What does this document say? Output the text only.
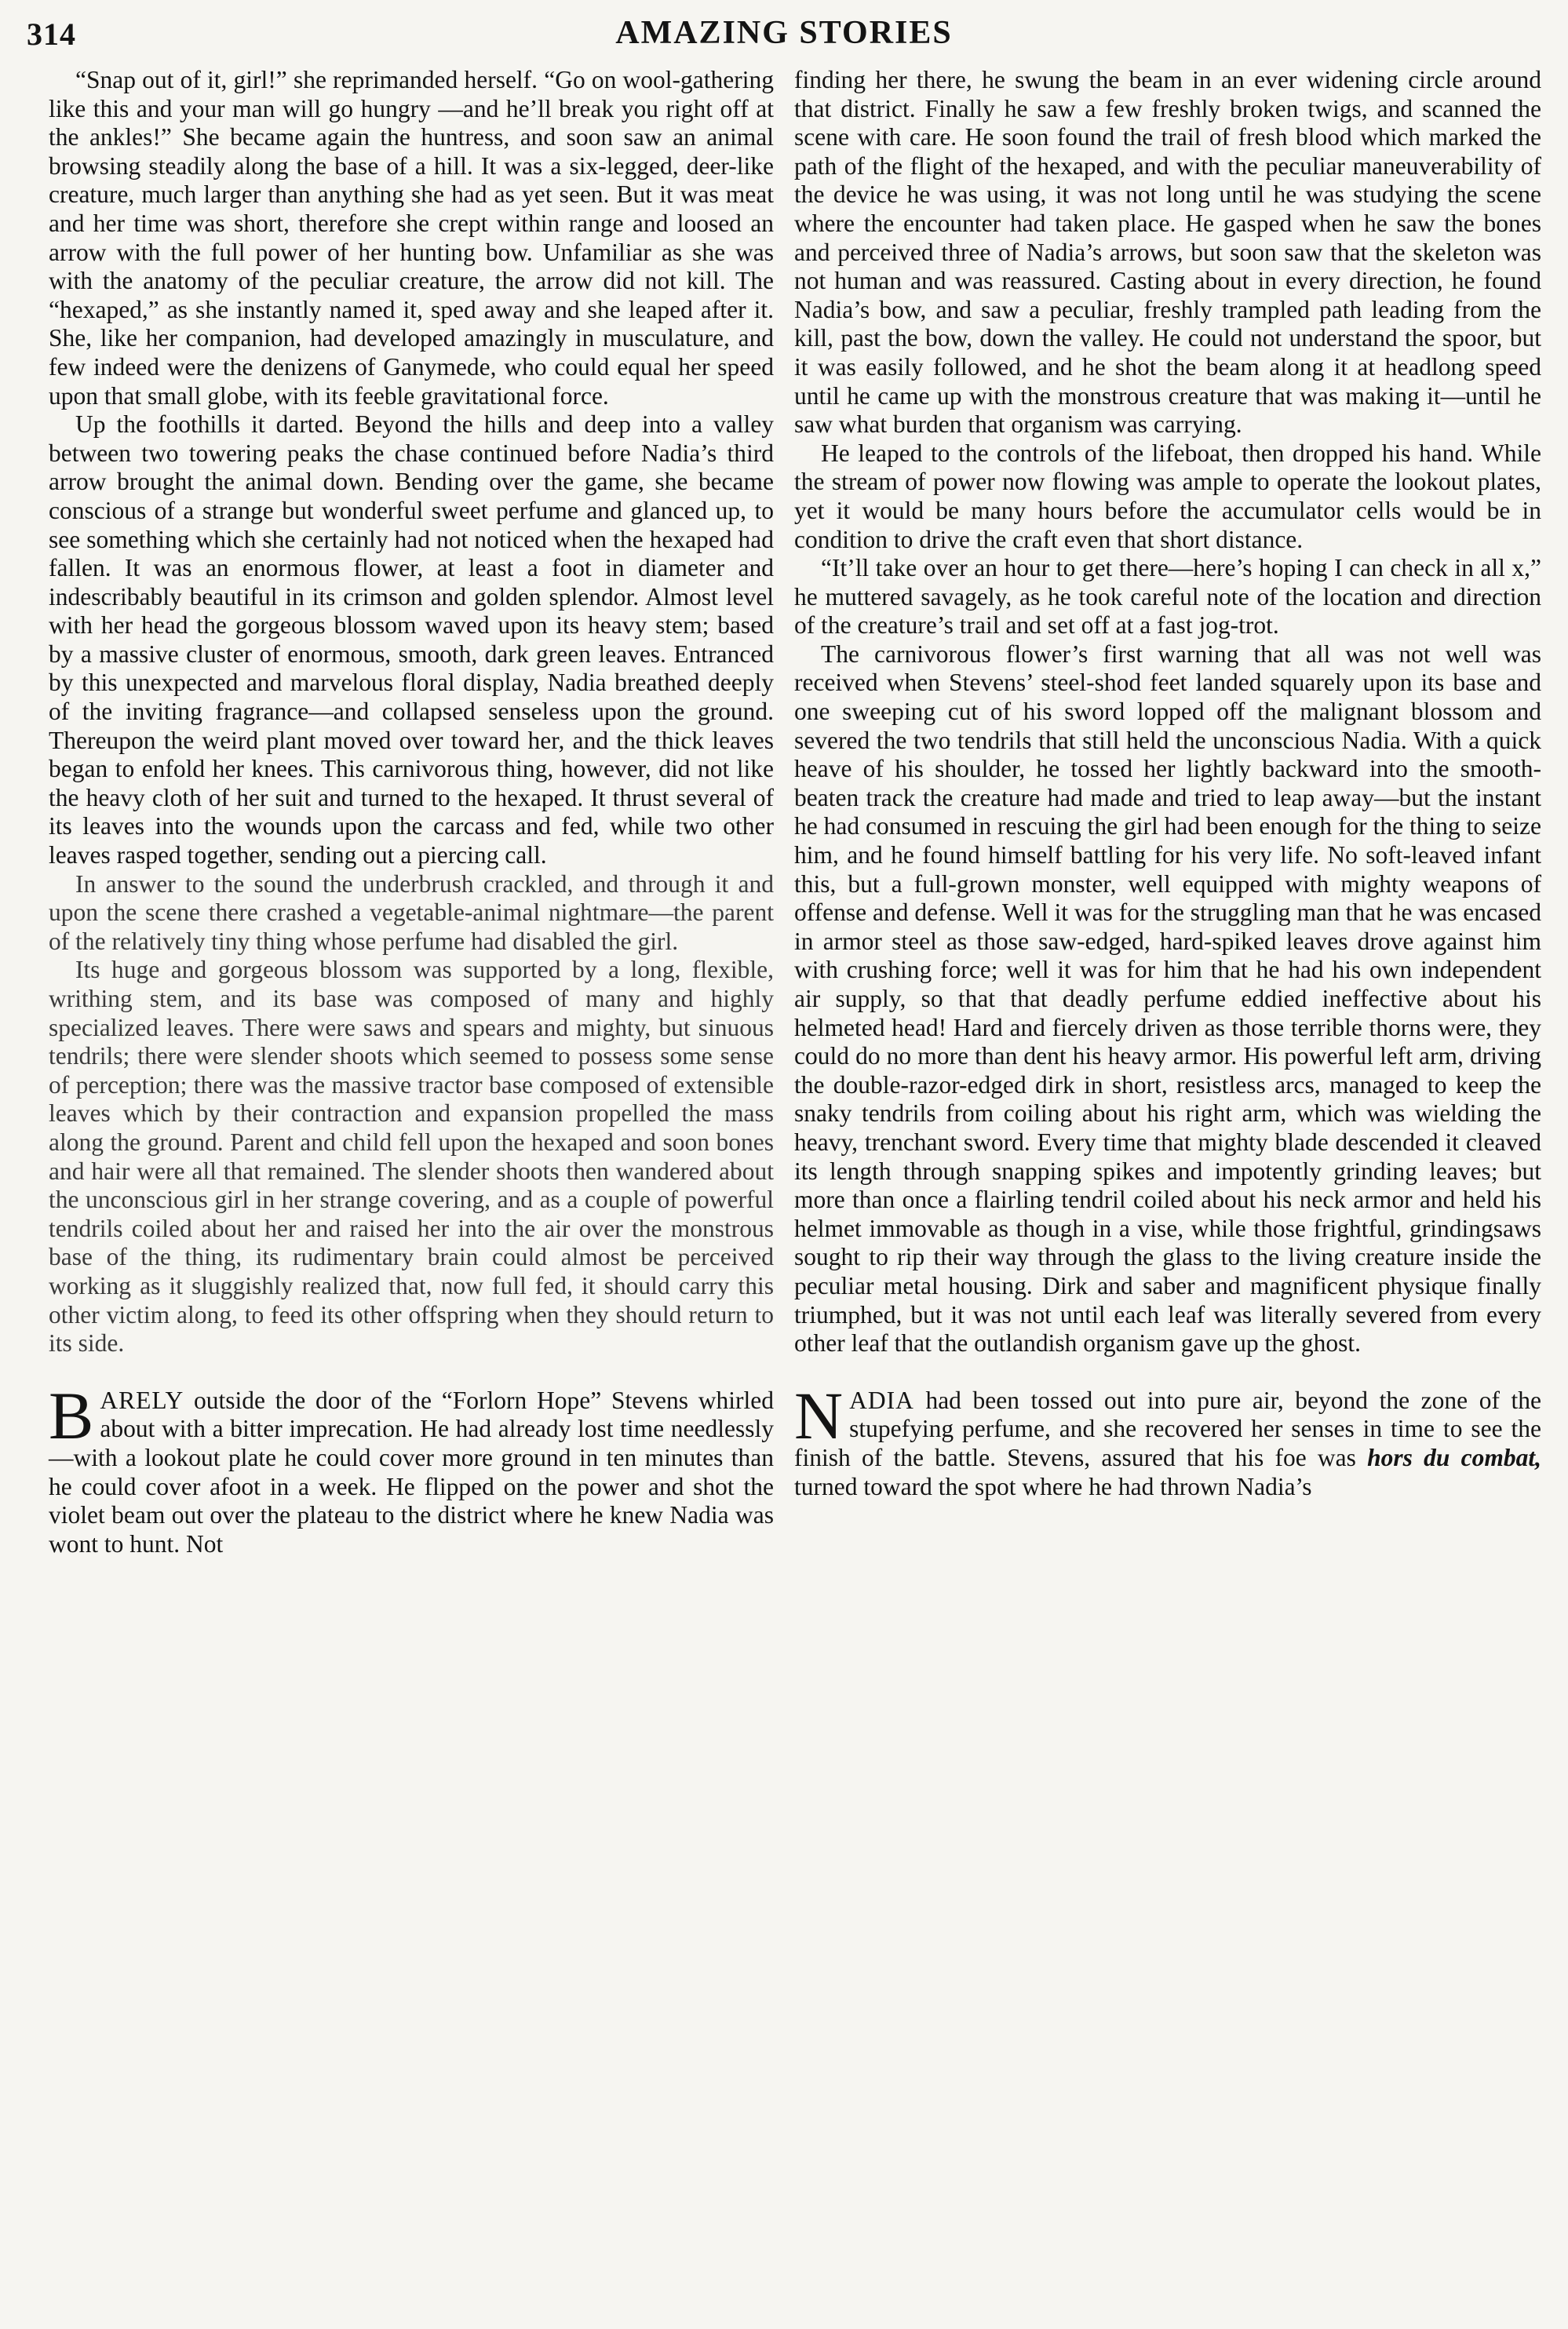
314	AMAZING STORIES

“Snap out of it, girl!” she reprimanded herself. “Go on wool-gathering like this and your man will go hungry —and he’ll break you right off at the ankles!” She became again the huntress, and soon saw an animal browsing steadily along the base of a hill. It was a six-legged, deer-like creature, much larger than anything she had as yet seen. But it was meat and her time was short, therefore she crept within range and loosed an arrow with the full power of her hunting bow. Unfamiliar as she was with the anatomy of the peculiar creature, the arrow did not kill. The “hexaped,” as she instantly named it, sped away and she leaped after it. She, like her companion, had developed amazingly in musculature, and few indeed were the denizens of Ganymede, who could equal her speed upon that small globe, with its feeble gravitational force.

Up the foothills it darted. Beyond the hills and deep into a valley between two towering peaks the chase continued before Nadia’s third arrow brought the animal down. Bending over the game, she became conscious of a strange but wonderful sweet perfume and glanced up, to see something which she certainly had not noticed when the hexaped had fallen. It was an enormous flower, at least a foot in diameter and indescribably beautiful in its crimson and golden splendor. Almost level with her head the gorgeous blossom waved upon its heavy stem; based by a massive cluster of enormous, smooth, dark green leaves. Entranced by this unexpected and marvelous floral display, Nadia breathed deeply of the inviting fragrance—and collapsed senseless upon the ground. Thereupon the weird plant moved over toward her, and the thick leaves began to enfold her knees. This carnivorous thing, however, did not like the heavy cloth of her suit and turned to the hexaped. It thrust several of its leaves into the wounds upon the carcass and fed, while two other leaves rasped together, sending out a piercing call.

In answer to the sound the underbrush crackled, and through it and upon the scene there crashed a vegetable-animal nightmare—the parent of the relatively tiny thing whose perfume had disabled the girl.

Its huge and gorgeous blossom was supported by a long, flexible, writhing stem, and its base was composed of many and highly specialized leaves. There were saws and spears and mighty, but sinuous tendrils; there were slender shoots which seemed to possess some sense of perception; there was the massive tractor base composed of extensible leaves which by their contraction and expansion propelled the mass along the ground. Parent and child fell upon the hexaped and soon bones and hair were all that remained. The slender shoots then wandered about the unconscious girl in her strange covering, and as a couple of powerful tendrils coiled about her and raised her into the air over the monstrous base of the thing, its rudimentary brain could almost be perceived working as it sluggishly realized that, now full fed, it should carry this other victim along, to feed its other offspring when they should return to its side.

BARELY outside the door of the “Forlorn Hope” Stevens whirled about with a bitter imprecation. He had already lost time needlessly—with a lookout plate he could cover more ground in ten minutes than he could cover afoot in a week. He flipped on the power and shot the violet beam out over the plateau to the district where he knew Nadia was wont to hunt. Not

finding her there, he swung the beam in an ever widening circle around that district. Finally he saw a few freshly broken twigs, and scanned the scene with care. He soon found the trail of fresh blood which marked the path of the flight of the hexaped, and with the peculiar maneuverability of the device he was using, it was not long until he was studying the scene where the encounter had taken place. He gasped when he saw the bones and perceived three of Nadia’s arrows, but soon saw that the skeleton was not human and was reassured. Casting about in every direction, he found Nadia’s bow, and saw a peculiar, freshly trampled path leading from the kill, past the bow, down the valley. He could not understand the spoor, but it was easily followed, and he shot the beam along it at headlong speed until he came up with the monstrous creature that was making it—until he saw what burden that organism was carrying.

He leaped to the controls of the lifeboat, then dropped his hand. While the stream of power now flowing was ample to operate the lookout plates, yet it would be many hours before the accumulator cells would be in condition to drive the craft even that short distance.

“It’ll take over an hour to get there—here’s hoping I can check in all x,” he muttered savagely, as he took careful note of the location and direction of the creature’s trail and set off at a fast jog-trot.

The carnivorous flower’s first warning that all was not well was received when Stevens’ steel-shod feet landed squarely upon its base and one sweeping cut of his sword lopped off the malignant blossom and severed the two tendrils that still held the unconscious Nadia. With a quick heave of his shoulder, he tossed her lightly backward into the smooth-beaten track the creature had made and tried to leap away—but the instant he had consumed in rescuing the girl had been enough for the thing to seize him, and he found himself battling for his very life. No soft-leaved infant this, but a full-grown monster, well equipped with mighty weapons of offense and defense. Well it was for the struggling man that he was encased in armor steel as those saw-edged, hard-spiked leaves drove against him with crushing force; well it was for him that he had his own independent air supply, so that that deadly perfume eddied ineffective about his helmeted head! Hard and fiercely driven as those terrible thorns were, they could do no more than dent his heavy armor. His powerful left arm, driving the double-razor-edged dirk in short, resistless arcs, managed to keep the snaky tendrils from coiling about his right arm, which was wielding the heavy, trenchant sword. Every time that mighty blade descended it cleaved its length through snapping spikes and impotently grinding leaves; but more than once a flairling tendril coiled about his neck armor and held his helmet immovable as though in a vise, while those frightful, grindingsaws sought to rip their way through the glass to the living creature inside the peculiar metal housing. Dirk and saber and magnificent physique finally triumphed, but it was not until each leaf was literally severed from every other leaf that the outlandish organism gave up the ghost.

NADIA had been tossed out into pure air, beyond the zone of the stupefying perfume, and she recovered her senses in time to see the finish of the battle. Stevens, assured that his foe was hors du combat, turned toward the spot where he had thrown Nadia’s
